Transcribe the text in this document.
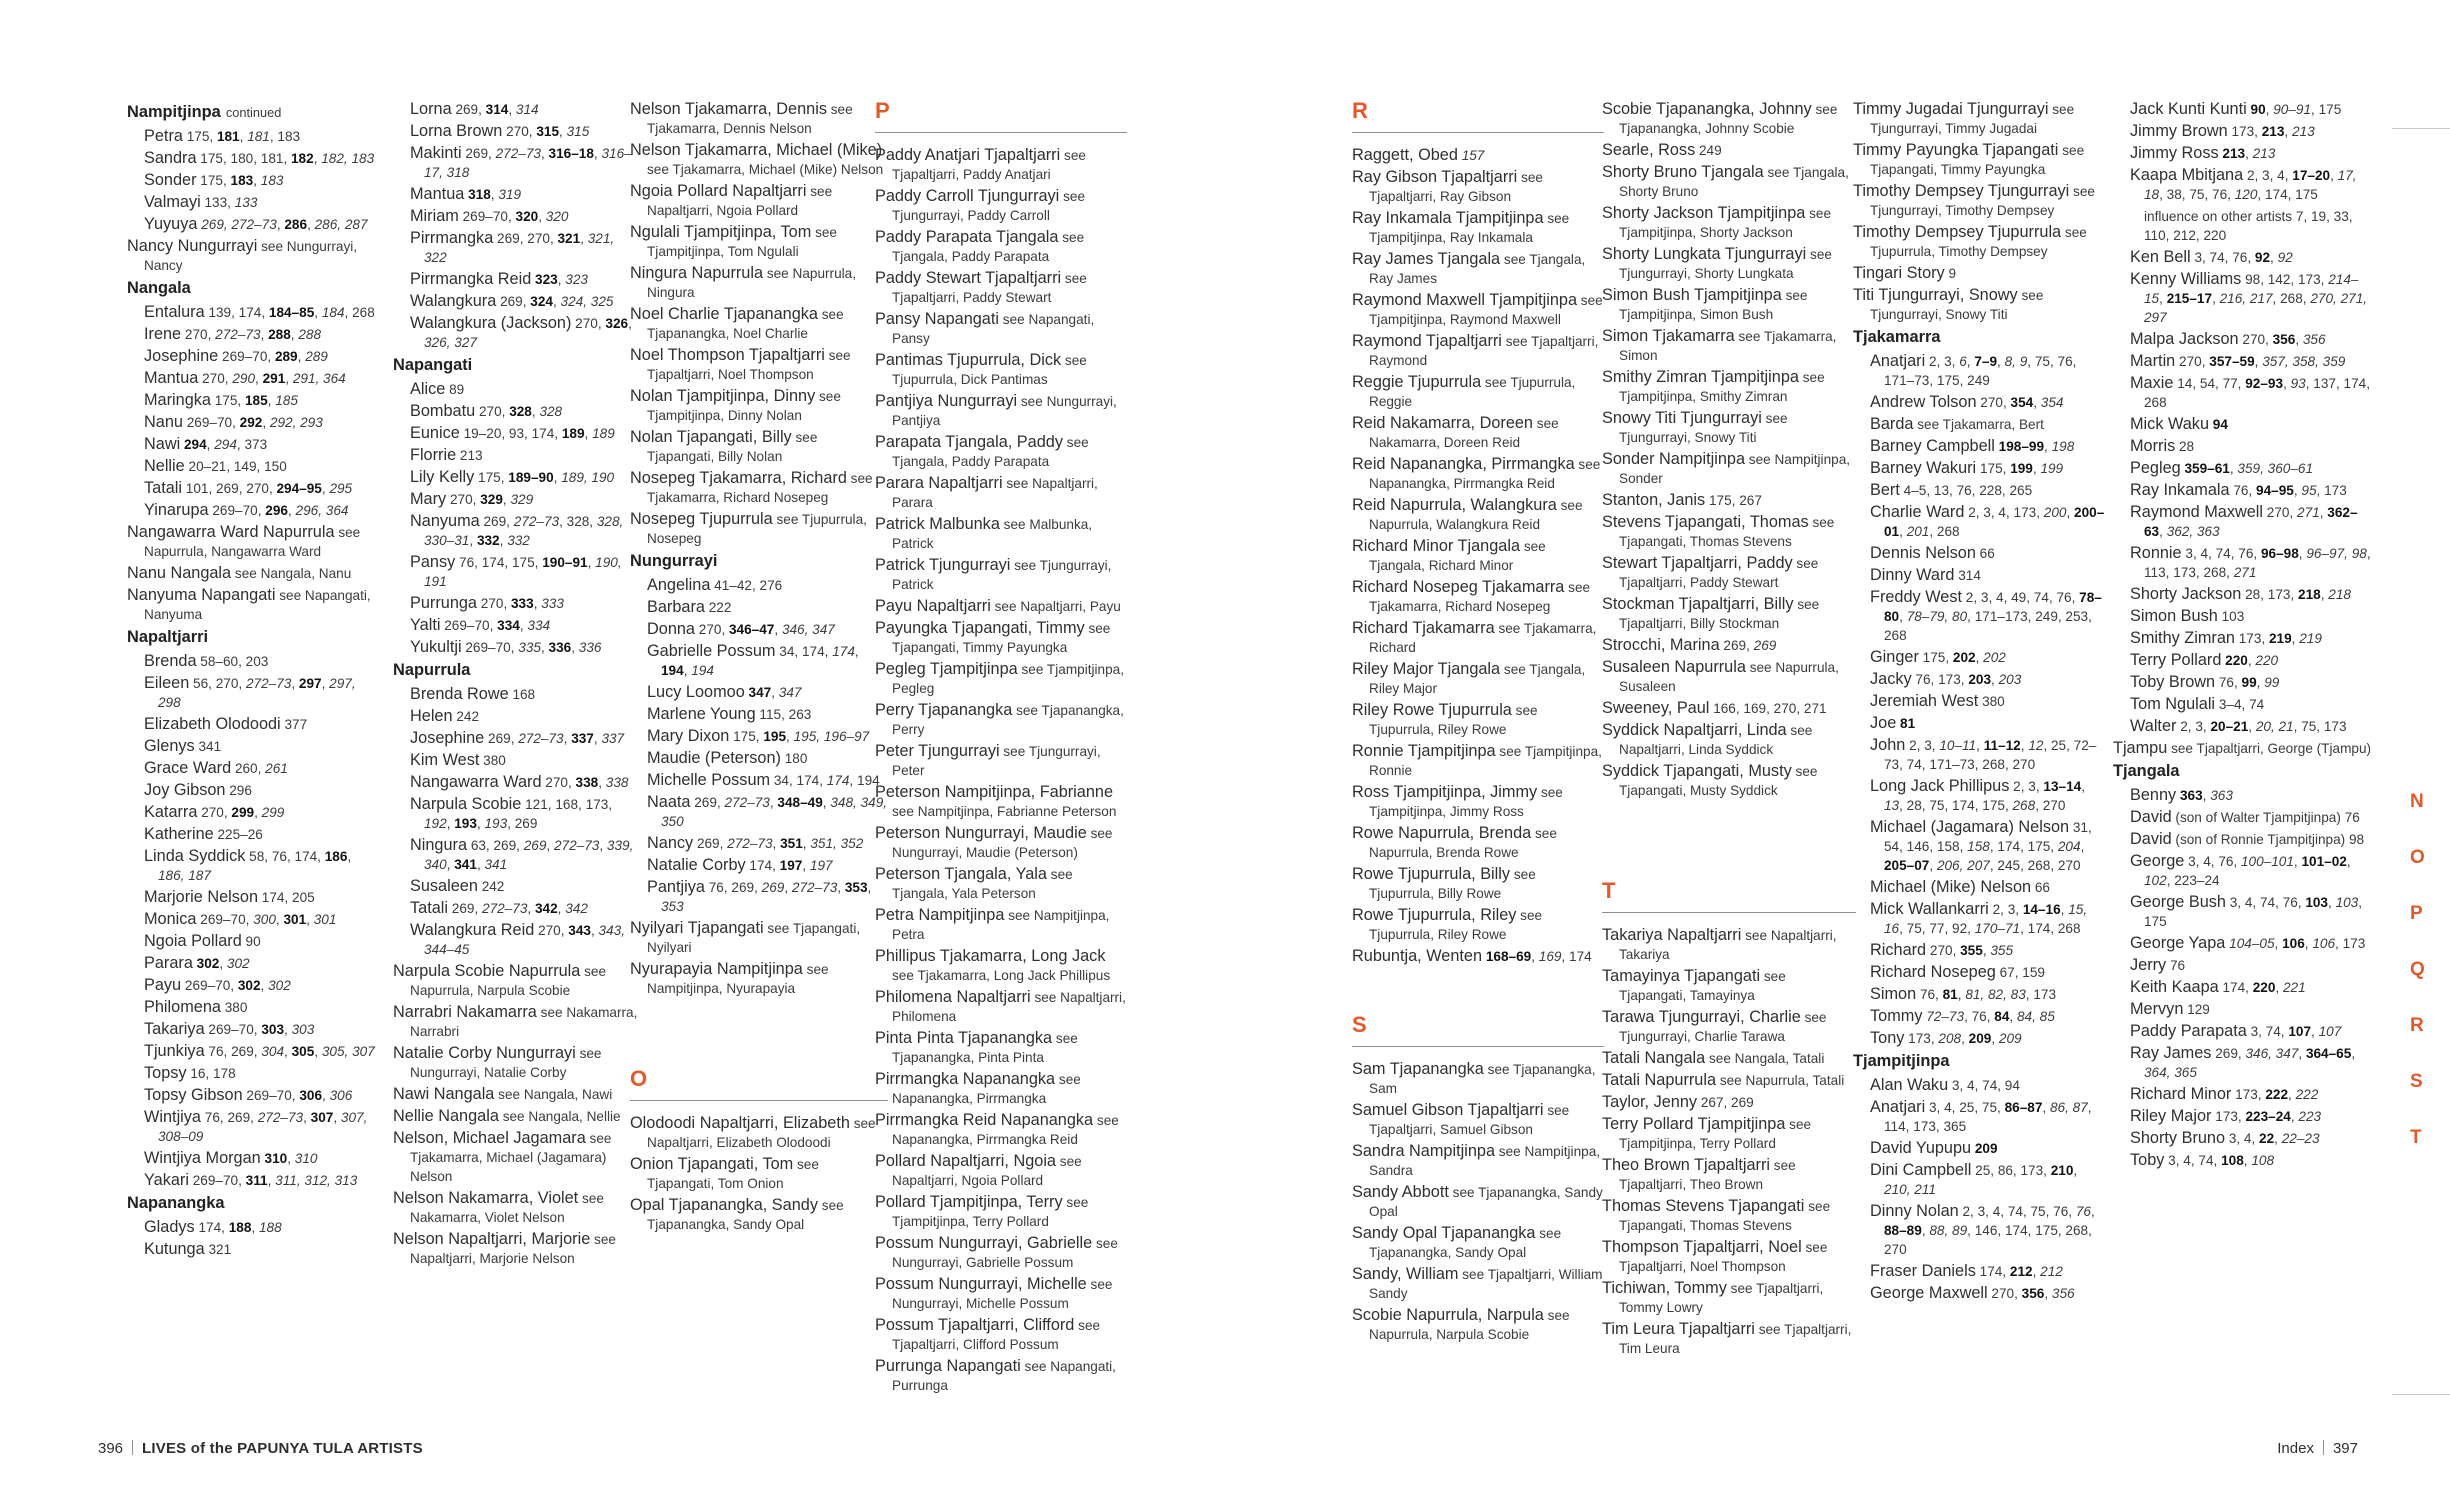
Nampitjinpa continued
Petra 175, 181, 181, 183
Sandra 175, 180, 181, 182, 182, 183
Sonder 175, 183, 183
Valmayi 133, 133
Yuyuya 269, 272–73, 286, 286, 287
Nancy Nungurrayi see Nungurrayi, Nancy
Nangala
Entalura 139, 174, 184–85, 184, 268
Irene 270, 272–73, 288, 288
Josephine 269–70, 289, 289
Mantua 270, 290, 291, 291, 364
Maringka 175, 185, 185
Nanu 269–70, 292, 292, 293
Nawi 294, 294, 373
Nellie 20–21, 149, 150
Tatali 101, 269, 270, 294–95, 295
Yinarupa 269–70, 296, 296, 364
Nangawarra Ward Napurrula see Napurrula, Nangawarra Ward
Nanu Nangala see Nangala, Nanu
Nanyuma Napangati see Napangati, Nanyuma
Napaltjarri
Brenda 58–60, 203
Eileen 56, 270, 272–73, 297, 297, 298
Elizabeth Olodoodi 377
Glenys 341
Grace Ward 260, 261
Joy Gibson 296
Katarra 270, 299, 299
Katherine 225–26
Linda Syddick 58, 76, 174, 186, 186, 187
Marjorie Nelson 174, 205
Monica 269–70, 300, 301, 301
Ngoia Pollard 90
Parara 302, 302
Payu 269–70, 302, 302
Philomena 380
Takariya 269–70, 303, 303
Tjunkiya 76, 269, 304, 305, 305, 307
Topsy 16, 178
Topsy Gibson 269–70, 306, 306
Wintjiya 76, 269, 272–73, 307, 307, 308–09
Wintjiya Morgan 310, 310
Yakari 269–70, 311, 311, 312, 313
Napanangka
Gladys 174, 188, 188
Kutunga 321
Lorna 269, 314, 314
Lorna Brown 270, 315, 315
Makinti 269, 272–73, 316–18, 316–17, 318
Mantua 318, 319
Miriam 269–70, 320, 320
Pirrmangka 269, 270, 321, 321, 322
Pirrmangka Reid 323, 323
Walangkura 269, 324, 324, 325
Walangkura (Jackson) 270, 326, 326, 327
Napangati
Alice 89
Bombatu 270, 328, 328
Eunice 19–20, 93, 174, 189, 189
Florrie 213
Lily Kelly 175, 189–90, 189, 190
Mary 270, 329, 329
Nanyuma 269, 272–73, 328, 328, 330–31, 332, 332
Pansy 76, 174, 175, 190–91, 190, 191
Purrunga 270, 333, 333
Yalti 269–70, 334, 334
Yukultji 269–70, 335, 336, 336
Napurrula
Brenda Rowe 168
Helen 242
Josephine 269, 272–73, 337, 337
Kim West 380
Nangawarra Ward 270, 338, 338
Narpula Scobie 121, 168, 173, 192, 193, 193, 269
Ningura 63, 269, 269, 272–73, 339, 340, 341, 341
Susaleen 242
Tatali 269, 272–73, 342, 342
Walangkura Reid 270, 343, 343, 344–45
Narpula Scobie Napurrula see Napurrula, Narpula Scobie
Narrabri Nakamarra see Nakamarra, Narrabri
Natalie Corby Nungurrayi see Nungurrayi, Natalie Corby
Nawi Nangala see Nangala, Nawi
Nellie Nangala see Nangala, Nellie
Nelson, Michael Jagamara see Tjakamarra, Michael (Jagamara) Nelson
Nelson Nakamarra, Violet see Nakamarra, Violet Nelson
Nelson Napaltjarri, Marjorie see Napaltjarri, Marjorie Nelson
Nelson Tjakamarra, Dennis see Tjakamarra, Dennis Nelson
Nelson Tjakamarra, Michael (Mike) see Tjakamarra, Michael (Mike) Nelson
Ngoia Pollard Napaltjarri see Napaltjarri, Ngoia Pollard
Ngulali Tjampitjinpa, Tom see Tjampitjinpa, Tom Ngulali
Ningura Napurrula see Napurrula, Ningura
Noel Charlie Tjapanangka see Tjapanangka, Noel Charlie
Noel Thompson Tjapaltjarri see Tjapaltjarri, Noel Thompson
Nolan Tjampitjinpa, Dinny see Tjampitjinpa, Dinny Nolan
Nolan Tjapangati, Billy see Tjapangati, Billy Nolan
Nosepeg Tjakamarra, Richard see Tjakamarra, Richard Nosepeg
Nosepeg Tjupurrula see Tjupurrula, Nosepeg
Nungurrayi
Angelina 41–42, 276
Barbara 222
Donna 270, 346–47, 346, 347
Gabrielle Possum 34, 174, 174, 194, 194
Lucy Loomoo 347, 347
Marlene Young 115, 263
Mary Dixon 175, 195, 195, 196–97
Maudie (Peterson) 180
Michelle Possum 34, 174, 174, 194
Naata 269, 272–73, 348–49, 348, 349, 350
Nancy 269, 272–73, 351, 351, 352
Natalie Corby 174, 197, 197
Pantjiya 76, 269, 269, 272–73, 353, 353
Nyilyari Tjapangati see Tjapangati, Nyilyari
Nyurapayia Nampitjinpa see Nampitjinpa, Nyurapayia
O
Olodoodi Napaltjarri, Elizabeth see Napaltjarri, Elizabeth Olodoodi
Onion Tjapangati, Tom see Tjapangati, Tom Onion
Opal Tjapanangka, Sandy see Tjapanangka, Sandy Opal
P
Paddy Anatjari Tjapaltjarri see Tjapaltjarri, Paddy Anatjari
Paddy Carroll Tjungurrayi see Tjungurrayi, Paddy Carroll
Paddy Parapata Tjangala see Tjangala, Paddy Parapata
Paddy Stewart Tjapaltjarri see Tjapaltjarri, Paddy Stewart
Pansy Napangati see Napangati, Pansy
Pantimas Tjupurrula, Dick see Tjupurrula, Dick Pantimas
Pantjiya Nungurrayi see Nungurrayi, Pantjiya
Parapata Tjangala, Paddy see Tjangala, Paddy Parapata
Parara Napaltjarri see Napaltjarri, Parara
Patrick Malbunka see Malbunka, Patrick
Patrick Tjungurrayi see Tjungurrayi, Patrick
Payu Napaltjarri see Napaltjarri, Payu
Payungka Tjapangati, Timmy see Tjapangati, Timmy Payungka
Pegleg Tjampitjinpa see Tjampitjinpa, Pegleg
Perry Tjapanangka see Tjapanangka, Perry
Peter Tjungurrayi see Tjungurrayi, Peter
Peterson Nampitjinpa, Fabrianne see Nampitjinpa, Fabrianne Peterson
Peterson Nungurrayi, Maudie see Nungurrayi, Maudie (Peterson)
Peterson Tjangala, Yala see Tjangala, Yala Peterson
Petra Nampitjinpa see Nampitjinpa, Petra
Phillipus Tjakamarra, Long Jack see Tjakamarra, Long Jack Phillipus
Philomena Napaltjarri see Napaltjarri, Philomena
Pinta Pinta Tjapanangka see Tjapanangka, Pinta Pinta
Pirrmangka Napanangka see Napanangka, Pirrmangka
Pirrmangka Reid Napanangka see Napanangka, Pirrmangka Reid
Pollard Napaltjarri, Ngoia see Napaltjarri, Ngoia Pollard
Pollard Tjampitjinpa, Terry see Tjampitjinpa, Terry Pollard
Possum Nungurrayi, Gabrielle see Nungurrayi, Gabrielle Possum
Possum Nungurrayi, Michelle see Nungurrayi, Michelle Possum
Possum Tjapaltjarri, Clifford see Tjapaltjarri, Clifford Possum
Purrunga Napangati see Napangati, Purrunga
R
Raggett, Obed 157
Ray Gibson Tjapaltjarri see Tjapaltjarri, Ray Gibson
Ray Inkamala Tjampitjinpa see Tjampitjinpa, Ray Inkamala
Ray James Tjangala see Tjangala, Ray James
Raymond Maxwell Tjampitjinpa see Tjampitjinpa, Raymond Maxwell
Raymond Tjapaltjarri see Tjapaltjarri, Raymond
Reggie Tjupurrula see Tjupurrula, Reggie
Reid Nakamarra, Doreen see Nakamarra, Doreen Reid
Reid Napanangka, Pirrmangka see Napanangka, Pirrmangka Reid
Reid Napurrula, Walangkura see Napurrula, Walangkura Reid
Richard Minor Tjangala see Tjangala, Richard Minor
Richard Nosepeg Tjakamarra see Tjakamarra, Richard Nosepeg
Richard Tjakamarra see Tjakamarra, Richard
Riley Major Tjangala see Tjangala, Riley Major
Riley Rowe Tjupurrula see Tjupurrula, Riley Rowe
Ronnie Tjampitjinpa see Tjampitjinpa, Ronnie
Ross Tjampitjinpa, Jimmy see Tjampitjinpa, Jimmy Ross
Rowe Napurrula, Brenda see Napurrula, Brenda Rowe
Rowe Tjupurrula, Billy see Tjupurrula, Billy Rowe
Rowe Tjupurrula, Riley see Tjupurrula, Riley Rowe
Rubuntja, Wenten 168–69, 169, 174
S
Sam Tjapanangka see Tjapanangka, Sam
Samuel Gibson Tjapaltjarri see Tjapaltjarri, Samuel Gibson
Sandra Nampitjinpa see Nampitjinpa, Sandra
Sandy Abbott see Tjapanangka, Sandy Opal
Sandy Opal Tjapanangka see Tjapanangka, Sandy Opal
Sandy, William see Tjapaltjarri, William Sandy
Scobie Napurrula, Narpula see Napurrula, Narpula Scobie
Scobie Tjapanangka, Johnny see Tjapanangka, Johnny Scobie
Searle, Ross 249
Shorty Bruno Tjangala see Tjangala, Shorty Bruno
Shorty Jackson Tjampitjinpa see Tjampitjinpa, Shorty Jackson
Shorty Lungkata Tjungurrayi see Tjungurrayi, Shorty Lungkata
Simon Bush Tjampitjinpa see Tjampitjinpa, Simon Bush
Simon Tjakamarra see Tjakamarra, Simon
Smithy Zimran Tjampitjinpa see Tjampitjinpa, Smithy Zimran
Snowy Titi Tjungurrayi see Tjungurrayi, Snowy Titi
Sonder Nampitjinpa see Nampitjinpa, Sonder
Stanton, Janis 175, 267
Stevens Tjapangati, Thomas see Tjapangati, Thomas Stevens
Stewart Tjapaltjarri, Paddy see Tjapaltjarri, Paddy Stewart
Stockman Tjapaltjarri, Billy see Tjapaltjarri, Billy Stockman
Strocchi, Marina 269, 269
Susaleen Napurrula see Napurrula, Susaleen
Sweeney, Paul 166, 169, 270, 271
Syddick Napaltjarri, Linda see Napaltjarri, Linda Syddick
Syddick Tjapangati, Musty see Tjapangati, Musty Syddick
T
Takariya Napaltjarri see Napaltjarri, Takariya
Tamayinya Tjapangati see Tjapangati, Tamayinya
Tarawa Tjungurrayi, Charlie see Tjungurrayi, Charlie Tarawa
Tatali Nangala see Nangala, Tatali
Tatali Napurrula see Napurrula, Tatali
Taylor, Jenny 267, 269
Terry Pollard Tjampitjinpa see Tjampitjinpa, Terry Pollard
Theo Brown Tjapaltjarri see Tjapaltjarri, Theo Brown
Thomas Stevens Tjapangati see Tjapangati, Thomas Stevens
Thompson Tjapaltjarri, Noel see Tjapaltjarri, Noel Thompson
Tichiwan, Tommy see Tjapaltjarri, Tommy Lowry
Tim Leura Tjapaltjarri see Tjapaltjarri, Tim Leura
Timmy Jugadai Tjungurrayi see Tjungurrayi, Timmy Jugadai
Timmy Payungka Tjapangati see Tjapangati, Timmy Payungka
Timothy Dempsey Tjungurrayi see Tjungurrayi, Timothy Dempsey
Timothy Dempsey Tjupurrula see Tjupurrula, Timothy Dempsey
Tingari Story 9
Titi Tjungurrayi, Snowy see Tjungurrayi, Snowy Titi
Tjakamarra
Anatjari 2, 3, 6, 7–9, 8, 9, 75, 76, 171–73, 175, 249
Andrew Tolson 270, 354, 354
Barda see Tjakamarra, Bert
Barney Campbell 198–99, 198
Barney Wakuri 175, 199, 199
Bert 4–5, 13, 76, 228, 265
Charlie Ward 2, 3, 4, 173, 200, 200–01, 201, 268
Dennis Nelson 66
Dinny Ward 314
Freddy West 2, 3, 4, 49, 74, 76, 78–80, 78–79, 80, 171–173, 249, 253, 268
Ginger 175, 202, 202
Jacky 76, 173, 203, 203
Jeremiah West 380
Joe 81
John 2, 3, 10–11, 11–12, 12, 25, 72–73, 74, 171–73, 268, 270
Long Jack Phillipus 2, 3, 13–14, 13, 28, 75, 174, 175, 268, 270
Michael (Jagamara) Nelson 31, 54, 146, 158, 158, 174, 175, 204, 205–07, 206, 207, 245, 268, 270
Michael (Mike) Nelson 66
Mick Wallankarri 2, 3, 14–16, 15, 16, 75, 77, 92, 170–71, 174, 268
Richard 270, 355, 355
Richard Nosepeg 67, 159
Simon 76, 81, 81, 82, 83, 173
Tommy 72–73, 76, 84, 84, 85
Tony 173, 208, 209, 209
Tjampitjinpa
Alan Waku 3, 4, 74, 94
Anatjari 3, 4, 25, 75, 86–87, 86, 87, 114, 173, 365
David Yupupu 209
Dini Campbell 25, 86, 173, 210, 210, 211
Dinny Nolan 2, 3, 4, 74, 75, 76, 76, 88–89, 88, 89, 146, 174, 175, 268, 270
Fraser Daniels 174, 212, 212
George Maxwell 270, 356, 356
Jack Kunti Kunti 90, 90–91, 175
Jimmy Brown 173, 213, 213
Jimmy Ross 213, 213
Kaapa Mbitjana 2, 3, 4, 17–20, 17, 18, 38, 75, 76, 120, 174, 175
influence on other artists 7, 19, 33, 110, 212, 220
Ken Bell 3, 74, 76, 92, 92
Kenny Williams 98, 142, 173, 214–15, 215–17, 216, 217, 268, 270, 271, 297
Malpa Jackson 270, 356, 356
Martin 270, 357–59, 357, 358, 359
Maxie 14, 54, 77, 92–93, 93, 137, 174, 268
Mick Waku 94
Morris 28
Pegleg 359–61, 359, 360–61
Ray Inkamala 76, 94–95, 95, 173
Raymond Maxwell 270, 271, 362–63, 362, 363
Ronnie 3, 4, 74, 76, 96–98, 96–97, 98, 113, 173, 268, 271
Shorty Jackson 28, 173, 218, 218
Simon Bush 103
Smithy Zimran 173, 219, 219
Terry Pollard 220, 220
Toby Brown 76, 99, 99
Tom Ngulali 3–4, 74
Walter 2, 3, 20–21, 20, 21, 75, 173
Tjampu see Tjapaltjarri, George (Tjampu)
Tjangala
Benny 363, 363
David (son of Walter Tjampitjinpa) 76
David (son of Ronnie Tjampitjinpa) 98
George 3, 4, 76, 100–101, 101–02, 102, 223–24
George Bush 3, 4, 74, 76, 103, 103, 175
George Yapa 104–05, 106, 106, 173
Jerry 76
Keith Kaapa 174, 220, 221
Mervyn 129
Paddy Parapata 3, 74, 107, 107
Ray James 269, 346, 347, 364–65, 364, 365
Richard Minor 173, 222, 222
Riley Major 173, 223–24, 223
Shorty Bruno 3, 4, 22, 22–23
Toby 3, 4, 74, 108, 108
N
O
P
Q
R
S
T
396 LIVES of the PAPUNYA TULA ARTISTS	Index 397
